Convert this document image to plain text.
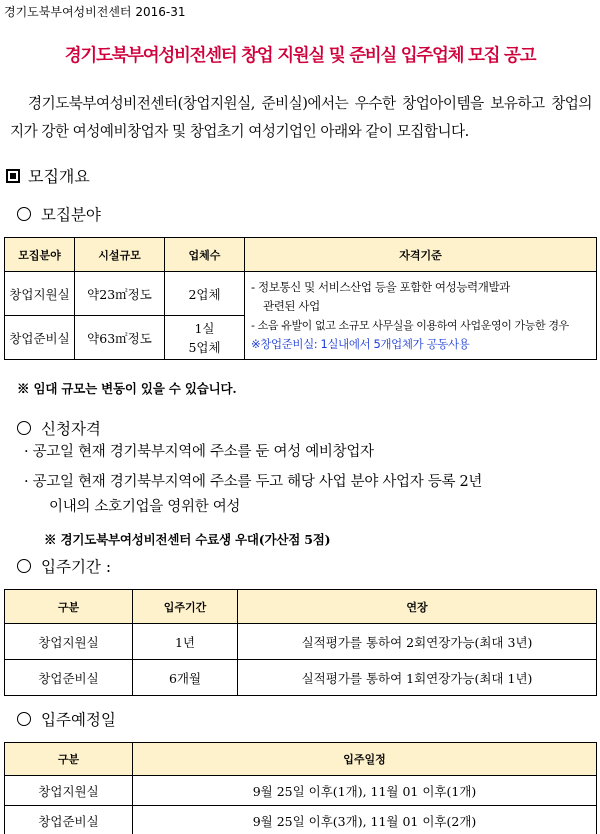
경기도북부여성비전센터 2016-31
경기도북부여성비전센터 창업 지원실 및 준비실 입주업체 모집 공고

경기도북부여성비전센터(창업지원실, 준비실)에서는 우수한 창업아이템을 보유하고 창업의지가 강한 여성예비창업자 및 창업초기 여성기업인 아래와 같이 모집합니다.

모집개요
모집분야
모집분야	시설규모	업체수	자격기준
창업지원실	약23㎡정도	2업체	- 정보통신 및 서비스산업 등을 포함한 여성능력개발과
관련된 사업
- 소음 유발이 없고 소규모 사무실을 이용하여 사업운영이 가능한 경우
※창업준비실: 1실내에서 5개업체가 공동사용

창업준비실	약63㎡정도	1실
5업체	
※ 임대 규모는 변동이 있을 수 있습니다.
신청자격
· 공고일 현재 경기북부지역에 주소를 둔 여성 예비창업자
· 공고일 현재 경기북부지역에 주소를 두고 해당 사업 분야 사업자 등록 2년
이내의 소호기업을 영위한 여성
※ 경기도북부여성비전센터 수료생 우대(가산점 5점)
입주기간 :
구분	입주기간	연장
창업지원실	1년	실적평가를 통하여 2회연장가능(최대 3년)
창업준비실	6개월	실적평가를 통하여 1회연장가능(최대 1년)
입주예정일
구분	입주일정
창업지원실	9월 25일 이후(1개), 11월 01 이후(1개)
창업준비실	9월 25일 이후(3개), 11월 01 이후(2개)
